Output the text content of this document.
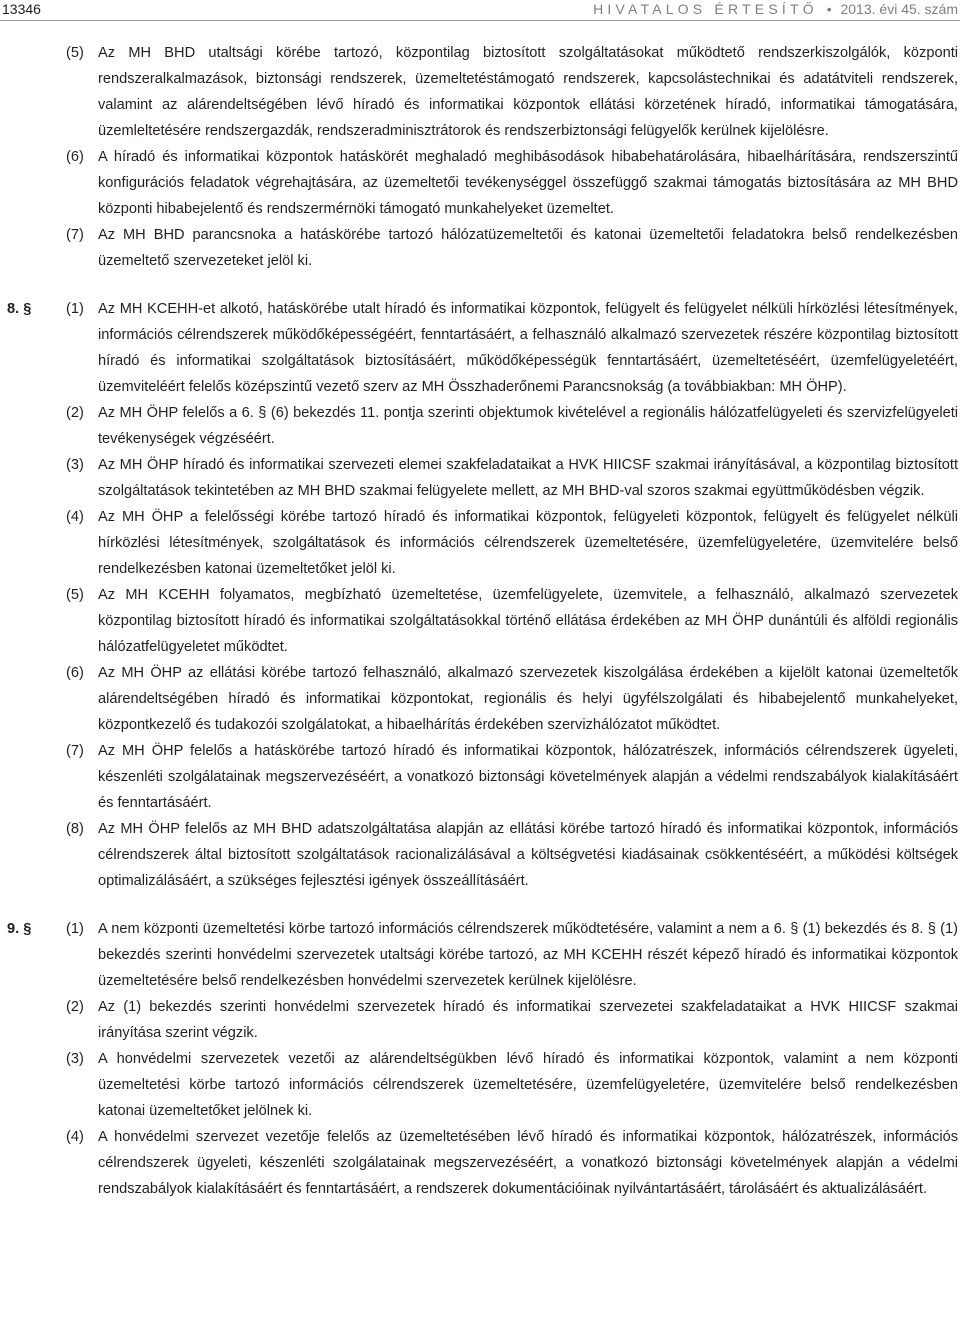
13346	HIVATALOS ÉRTESÍTŐ • 2013. évi 45. szám
(5) Az MH BHD utaltsági körébe tartozó, központilag biztosított szolgáltatásokat működtető rendszerkiszolgálók, központi rendszeralkalmazások, biztonsági rendszerek, üzemeltetéstámogató rendszerek, kapcsolástechnikai és adatátviteli rendszerek, valamint az alárendeltségében lévő híradó és informatikai központok ellátási körzetének híradó, informatikai támogatására, üzemleltetésére rendszergazdák, rendszeradminisztrátorok és rendszerbiztonsági felügyelők kerülnek kijelölésre.
(6) A híradó és informatikai központok hatáskörét meghaladó meghibásodások hibabehatárolására, hibaelhárítására, rendszerszintű konfigurációs feladatok végrehajtására, az üzemeltetői tevékenységgel összefüggő szakmai támogatás biztosítására az MH BHD központi hibabejelentő és rendszermérnöki támogató munkahelyeket üzemeltet.
(7) Az MH BHD parancsnoka a hatáskörébe tartozó hálózatüzemeltetői és katonai üzemeltetői feladatokra belső rendelkezésben üzemeltető szervezeteket jelöl ki.
8. § (1) Az MH KCEHH-et alkotó, hatáskörébe utalt híradó és informatikai központok, felügyelt és felügyelet nélküli hírközlési létesítmények, információs célrendszerek működőképességéért, fenntartásáért, a felhasználó alkalmazó szervezetek részére központilag biztosított híradó és informatikai szolgáltatások biztosításáért, működőképességük fenntartásáért, üzemeltetéséért, üzemfelügyeletéért, üzemviteléért felelős középszintű vezető szerv az MH Összhaderőnemi Parancsnokság (a továbbiakban: MH ÖHP).
(2) Az MH ÖHP felelős a 6. § (6) bekezdés 11. pontja szerinti objektumok kivételével a regionális hálózatfelügyeleti és szervizfelügyeleti tevékenységek végzéséért.
(3) Az MH ÖHP híradó és informatikai szervezeti elemei szakfeladataikat a HVK HIICSF szakmai irányításával, a központilag biztosított szolgáltatások tekintetében az MH BHD szakmai felügyelete mellett, az MH BHD-val szoros szakmai együttműködésben végzik.
(4) Az MH ÖHP a felelősségi körébe tartozó híradó és informatikai központok, felügyeleti központok, felügyelt és felügyelet nélküli hírközlési létesítmények, szolgáltatások és információs célrendszerek üzemeltetésére, üzemfelügyeletére, üzemvitelére belső rendelkezésben katonai üzemeltetőket jelöl ki.
(5) Az MH KCEHH folyamatos, megbízható üzemeltetése, üzemfelügyelete, üzemvitele, a felhasználó, alkalmazó szervezetek központilag biztosított híradó és informatikai szolgáltatásokkal történő ellátása érdekében az MH ÖHP dunántúli és alföldi regionális hálózatfelügyeletet működtet.
(6) Az MH ÖHP az ellátási körébe tartozó felhasználó, alkalmazó szervezetek kiszolgálása érdekében a kijelölt katonai üzemeltetők alárendeltségében híradó és informatikai központokat, regionális és helyi ügyfélszolgálati és hibabejelentő munkahelyeket, központkezelő és tudakozói szolgálatokat, a hibaelhárítás érdekében szervizhálózatot működtet.
(7) Az MH ÖHP felelős a hatáskörébe tartozó híradó és informatikai központok, hálózatrészek, információs célrendszerek ügyeleti, készenléti szolgálatainak megszervezéséért, a vonatkozó biztonsági követelmények alapján a védelmi rendszabályok kialakításáért és fenntartásáért.
(8) Az MH ÖHP felelős az MH BHD adatszolgáltatása alapján az ellátási körébe tartozó híradó és informatikai központok, információs célrendszerek által biztosított szolgáltatások racionalizálásával a költségvetési kiadásainak csökkentéséért, a működési költségek optimalizálásáért, a szükséges fejlesztési igények összeállításáért.
9. § (1) A nem központi üzemeltetési körbe tartozó információs célrendszerek működtetésére, valamint a nem a 6. § (1) bekezdés és 8. § (1) bekezdés szerinti honvédelmi szervezetek utaltsági körébe tartozó, az MH KCEHH részét képező híradó és informatikai központok üzemeltetésére belső rendelkezésben honvédelmi szervezetek kerülnek kijelölésre.
(2) Az (1) bekezdés szerinti honvédelmi szervezetek híradó és informatikai szervezetei szakfeladataikat a HVK HIICSF szakmai irányítása szerint végzik.
(3) A honvédelmi szervezetek vezetői az alárendeltségükben lévő híradó és informatikai központok, valamint a nem központi üzemeltetési körbe tartozó információs célrendszerek üzemeltetésére, üzemfelügyeletére, üzemvitelére belső rendelkezésben katonai üzemeltetőket jelölnek ki.
(4) A honvédelmi szervezet vezetője felelős az üzemeltetésében lévő híradó és informatikai központok, hálózatrészek, információs célrendszerek ügyeleti, készenléti szolgálatainak megszervezéséért, a vonatkozó biztonsági követelmények alapján a védelmi rendszabályok kialakításáért és fenntartásáért, a rendszerek dokumentációinak nyilvántartásáért, tárolásáért és aktualizálásáért.
